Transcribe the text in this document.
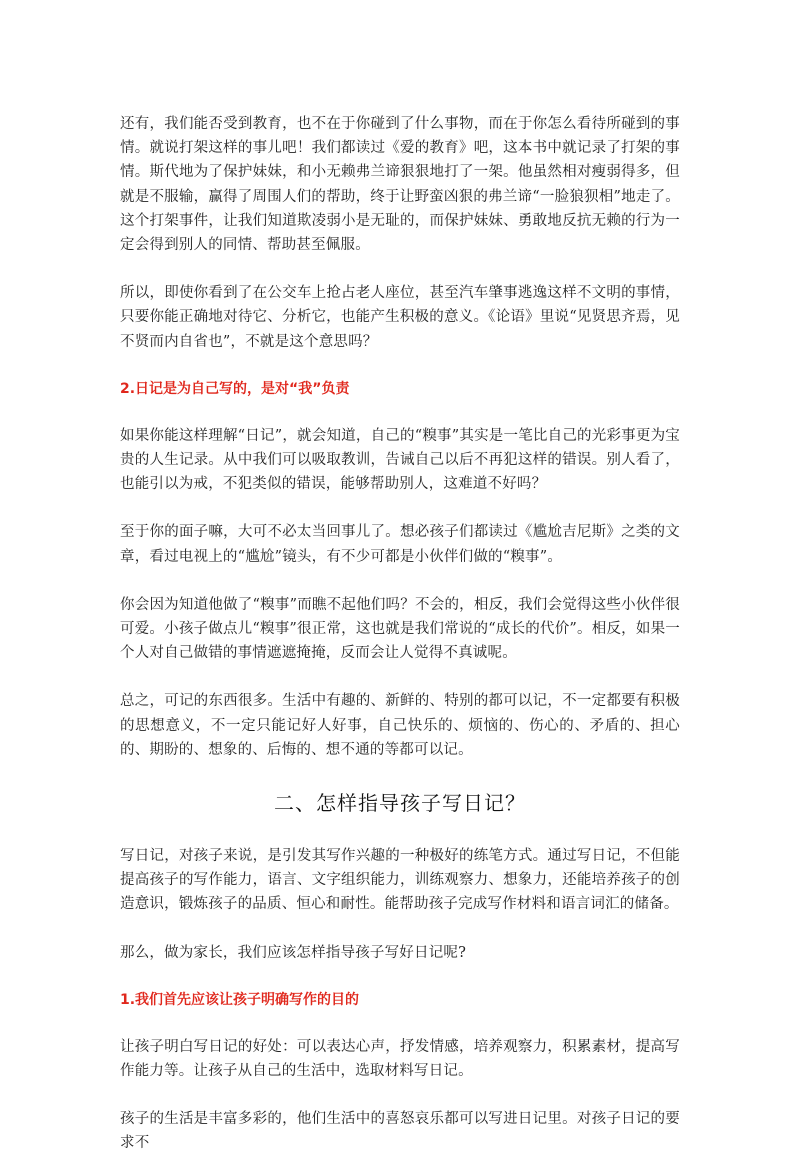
还有，我们能否受到教育，也不在于你碰到了什么事物，而在于你怎么看待所碰到的事情。就说打架这样的事儿吧！我们都读过《爱的教育》吧，这本书中就记录了打架的事情。斯代地为了保护妹妹，和小无赖弗兰谛狠狠地打了一架。他虽然相对瘦弱得多，但就是不服输，赢得了周围人们的帮助，终于让野蛮凶狠的弗兰谛“一脸狼狈相”地走了。这个打架事件，让我们知道欺凌弱小是无耻的，而保护妹妹、勇敢地反抗无赖的行为一定会得到别人的同情、帮助甚至佩服。

所以，即使你看到了在公交车上抢占老人座位，甚至汽车肇事逃逸这样不文明的事情，只要你能正确地对待它、分析它，也能产生积极的意义。《论语》里说“见贤思齐焉，见不贤而内自省也”，不就是这个意思吗？

2.日记是为自己写的，是对“我”负责

如果你能这样理解“日记”，就会知道，自己的“糗事”其实是一笔比自己的光彩事更为宝贵的人生记录。从中我们可以吸取教训，告诫自己以后不再犯这样的错误。别人看了，也能引以为戒，不犯类似的错误，能够帮助别人，这难道不好吗？

至于你的面子嘛，大可不必太当回事儿了。想必孩子们都读过《尴尬吉尼斯》之类的文章，看过电视上的“尴尬”镜头，有不少可都是小伙伴们做的“糗事”。

你会因为知道他做了“糗事”而瞧不起他们吗？不会的，相反，我们会觉得这些小伙伴很可爱。小孩子做点儿“糗事”很正常，这也就是我们常说的“成长的代价”。相反，如果一个人对自己做错的事情遮遮掩掩，反而会让人觉得不真诚呢。

总之，可记的东西很多。生活中有趣的、新鲜的、特别的都可以记，不一定都要有积极的思想意义，不一定只能记好人好事，自己快乐的、烦恼的、伤心的、矛盾的、担心的、期盼的、想象的、后悔的、想不通的等都可以记。

二、怎样指导孩子写日记？

写日记，对孩子来说，是引发其写作兴趣的一种极好的练笔方式。通过写日记，不但能提高孩子的写作能力，语言、文字组织能力，训练观察力、想象力，还能培养孩子的创造意识，锻炼孩子的品质、恒心和耐性。能帮助孩子完成写作材料和语言词汇的储备。

那么，做为家长，我们应该怎样指导孩子写好日记呢?

1.我们首先应该让孩子明确写作的目的

让孩子明白写日记的好处：可以表达心声，抒发情感，培养观察力，积累素材，提高写作能力等。让孩子从自己的生活中，选取材料写日记。

孩子的生活是丰富多彩的，他们生活中的喜怒哀乐都可以写进日记里。对孩子日记的要求不
